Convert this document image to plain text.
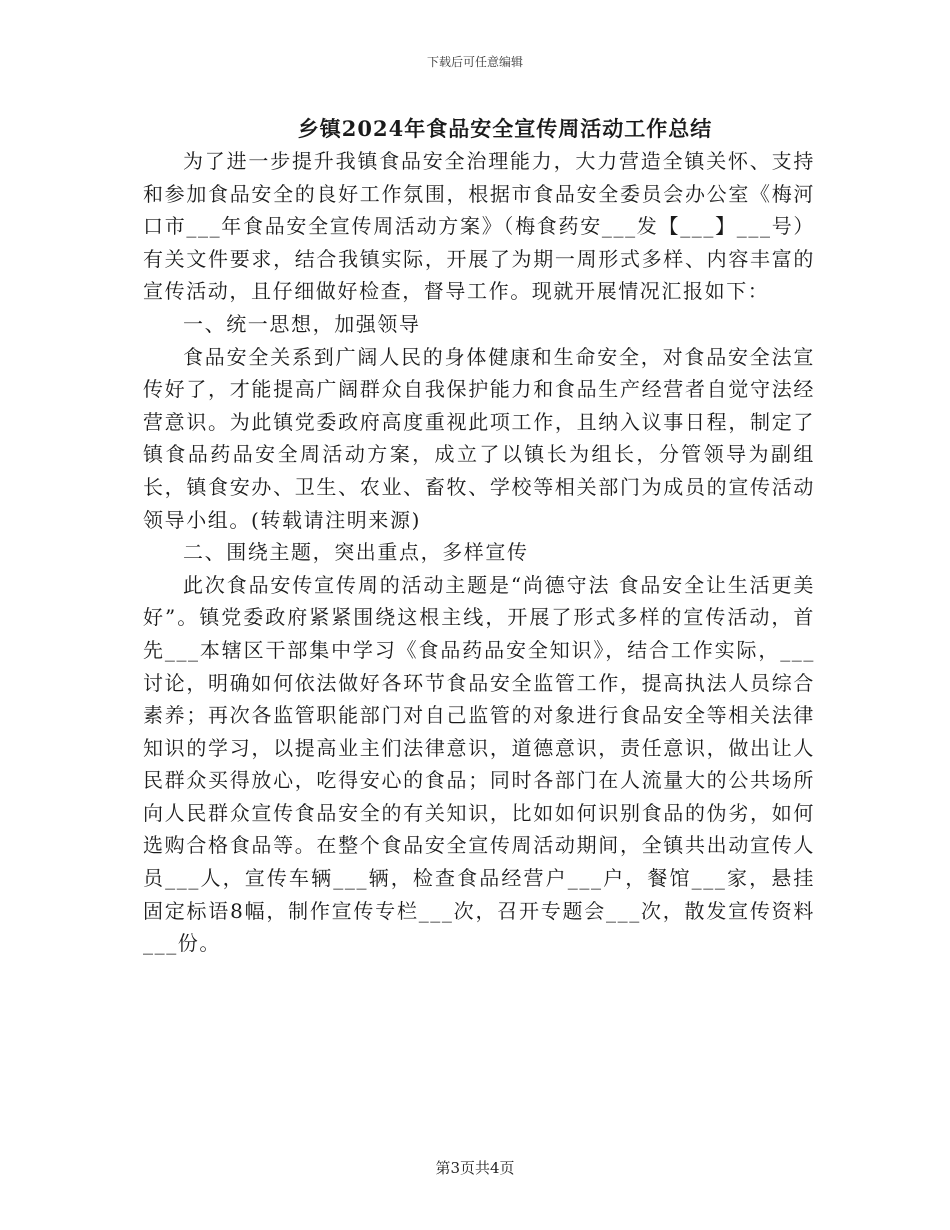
下载后可任意编辑
乡镇2024年食品安全宣传周活动工作总结

为了进一步提升我镇食品安全治理能力，大力营造全镇关怀、支持和参加食品安全的良好工作氛围，根据市食品安全委员会办公室《梅河口市___年食品安全宣传周活动方案》（梅食药安___发【___】___号）有关文件要求，结合我镇实际，开展了为期一周形式多样、内容丰富的宣传活动，且仔细做好检查，督导工作。现就开展情况汇报如下：

一、统一思想，加强领导

食品安全关系到广阔人民的身体健康和生命安全，对食品安全法宣传好了，才能提高广阔群众自我保护能力和食品生产经营者自觉守法经营意识。为此镇党委政府高度重视此项工作，且纳入议事日程，制定了镇食品药品安全周活动方案，成立了以镇长为组长，分管领导为副组长，镇食安办、卫生、农业、畜牧、学校等相关部门为成员的宣传活动领导小组。(转载请注明来源)

二、围绕主题，突出重点，多样宣传

此次食品安传宣传周的活动主题是“尚德守法 食品安全让生活更美好”。镇党委政府紧紧围绕这根主线，开展了形式多样的宣传活动，首先___本辖区干部集中学习《食品药品安全知识》，结合工作实际，___讨论，明确如何依法做好各环节食品安全监管工作，提高执法人员综合素养；再次各监管职能部门对自己监管的对象进行食品安全等相关法律知识的学习，以提高业主们法律意识，道德意识，责任意识，做出让人民群众买得放心，吃得安心的食品；同时各部门在人流量大的公共场所向人民群众宣传食品安全的有关知识，比如如何识别食品的伪劣，如何选购合格食品等。在整个食品安全宣传周活动期间，全镇共出动宣传人员___人，宣传车辆___辆，检查食品经营户___户，餐馆___家，悬挂固定标语8幅，制作宣传专栏___次，召开专题会___次，散发宣传资料___份。

第3页共4页
